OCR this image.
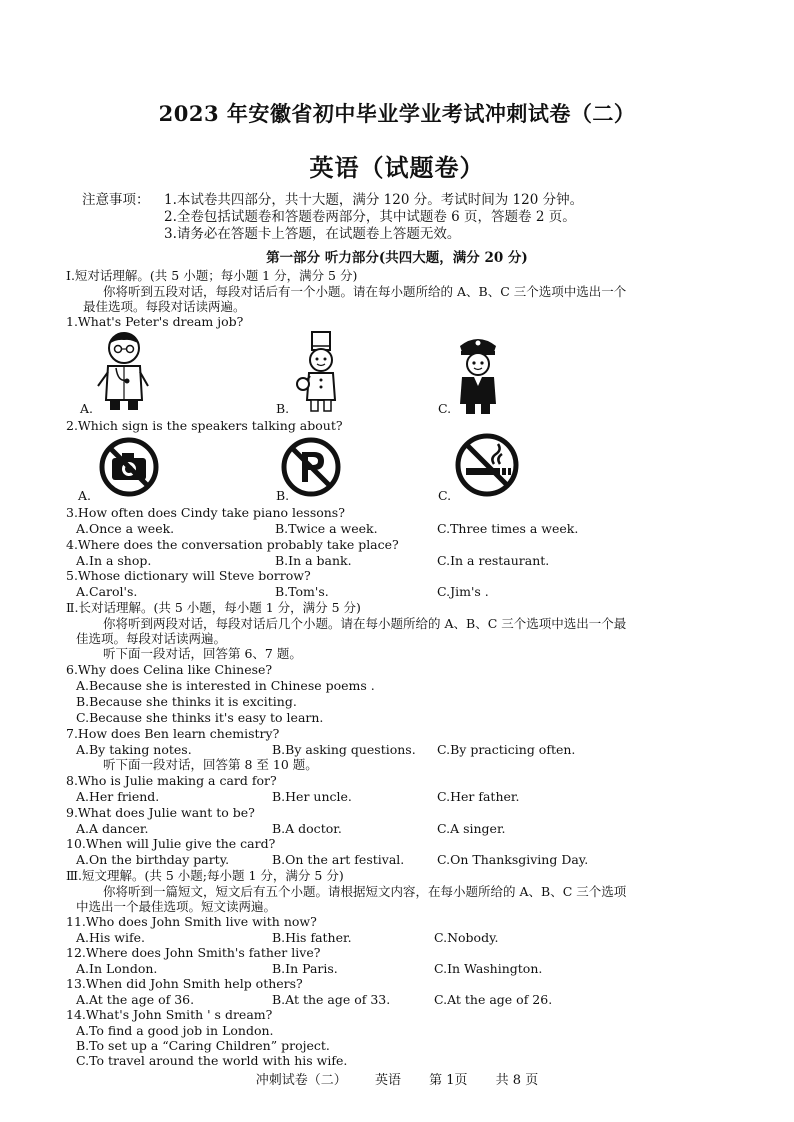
2023 年安徽省初中毕业学业考试冲刺试卷（二）
英语（试题卷）
注意事项： 1.本试卷共四部分，共十大题，满分 120 分。考试时间为 120 分钟。
2.全卷包括试题卷和答题卷两部分，其中试题卷 6 页，答题卷 2 页。
3.请务必在答题卡上答题，在试题卷上答题无效。
第一部分 听力部分(共四大题，满分 20 分)
Ⅰ.短对话理解。(共 5 小题；每小题 1 分，满分 5 分)
你将听到五段对话，每段对话后有一个小题。请在每小题所给的 A、B、C 三个选项中选出一个
最佳选项。每段对话读两遍。
1.What's Peter's dream job?
A.	B.	C.
2.Which sign is the speakers talking about?
A.	B.	C.
3.How often does Cindy take piano lessons?
A.Once a week.	B.Twice a week.	C.Three times a week.
4.Where does the conversation probably take place?
A.In a shop.	B.In a bank.	C.In a restaurant.
5.Whose dictionary will Steve borrow?
A.Carol's.	B.Tom's.	C.Jim's .
Ⅱ.长对话理解。(共 5 小题，每小题 1 分，满分 5 分)
你将听到两段对话，每段对话后几个小题。请在每小题所给的 A、B、C 三个选项中选出一个最
佳选项。每段对话读两遍。
听下面一段对话，回答第 6、7 题。
6.Why does Celina like Chinese?
A.Because she is interested in Chinese poems .
B.Because she thinks it is exciting.
C.Because she thinks it's easy to learn.
7.How does Ben learn chemistry?
A.By taking notes.	B.By asking questions. C.By practicing often.
听下面一段对话，回答第 8 至 10 题。
8.Who is Julie making a card for?
A.Her friend.	B.Her uncle.	C.Her father.
9.What does Julie want to be?
A.A dancer.	B.A doctor.	C.A singer.
10.When will Julie give the card?
A.On the birthday party.	B.On the art festival.	C.On Thanksgiving Day.
Ⅲ.短文理解。(共 5 小题;每小题 1 分，满分 5 分)
你将听到一篇短文，短文后有五个小题。请根据短文内容，在每小题所给的 A、B、C 三个选项
中选出一个最佳选项。短文读两遍。
11.Who does John Smith live with now?
A.His wife.	B.His father.	C.Nobody.
12.Where does John Smith's father live?
A.In London.	B.In Paris.	C.In Washington.
13.When did John Smith help others?
A.At the age of 36.	B.At the age of 33.	C.At the age of 26.
14.What's John Smith ' s dream?
A.To find a good job in London.
B.To set up a “Caring Children” project.
C.To travel around the world with his wife.
冲刺试卷（二） 英语 第 1页 共 8 页
